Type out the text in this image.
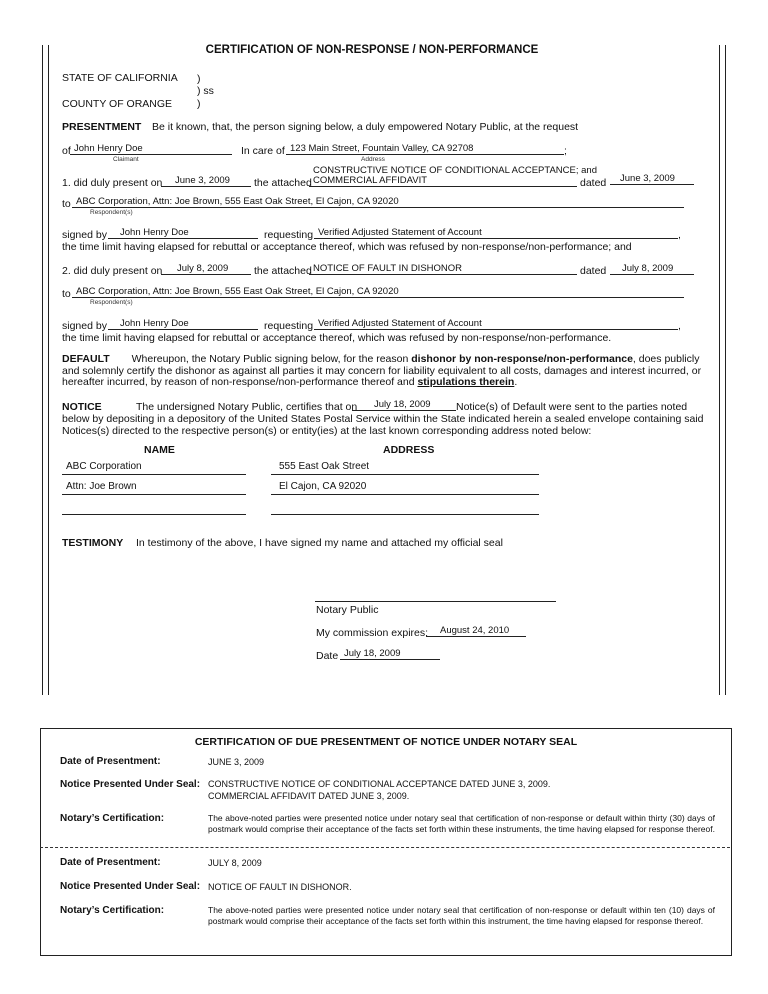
CERTIFICATION OF NON-RESPONSE / NON-PERFORMANCE
STATE OF CALIFORNIA )
) ss
COUNTY OF ORANGE )
PRESENTMENT Be it known, that, the person signing below, a duly empowered Notary Public, at the request
of John Henry Doe
Claimant
In care of 123 Main Street, Fountain Valley, CA 92708	;
Address
1. did duly present on	June 3, 2009	the attached
CONSTRUCTIVE NOTICE OF CONDITIONAL ACCEPTANCE; and
COMMERCIAL AFFIDAVIT	dated	June 3, 2009
to ABC Corporation, Attn: Joe Brown, 555 East Oak Street, El Cajon, CA 92020
Respondent(s)
signed by	John Henry Doe	requesting Verified Adjusted Statement of Account	,
the time limit having elapsed for rebuttal or acceptance thereof, which was refused by non-response/non-performance; and
2. did duly present on	July 8, 2009	the attached NOTICE OF FAULT IN DISHONOR	dated	July 8, 2009
to ABC Corporation, Attn: Joe Brown, 555 East Oak Street, El Cajon, CA 92020
Respondent(s)
signed by	John Henry Doe	requesting Verified Adjusted Statement of Account	,
the time limit having elapsed for rebuttal or acceptance thereof, which was refused by non-response/non-performance.
DEFAULT Whereupon, the Notary Public signing below, for the reason dishonor by non-response/non-performance, does publicly and solemnly certify the dishonor as against all parties it may concern for liability equivalent to all costs, damages and interest incurred, or hereafter incurred, by reason of non-response/non-performance thereof and stipulations therein.
NOTICE	The undersigned Notary Public, certifies that on	July 18, 2009	Notice(s) of Default were sent to the parties noted
below by depositing in a depository of the United States Postal Service within the State indicated herein a sealed envelope containing said
Notices(s) directed to the respective person(s) or entity(ies) at the last known corresponding address noted below:
NAME	ADDRESS
ABC Corporation	555 East Oak Street
Attn: Joe Brown	El Cajon, CA 92020
TESTIMONY In testimony of the above, I have signed my name and attached my official seal
Notary Public
My commission expires:	August 24, 2010
Date July 18, 2009
CERTIFICATION OF DUE PRESENTMENT OF NOTICE UNDER NOTARY SEAL
Date of Presentment:	JUNE 3, 2009
Notice Presented Under Seal: CONSTRUCTIVE NOTICE OF CONDITIONAL ACCEPTANCE DATED JUNE 3, 2009.
COMMERCIAL AFFIDAVIT DATED JUNE 3, 2009.
Notary’s Certification:	The above-noted parties were presented notice under notary seal that certification of non-response or default within thirty (30) days of postmark would comprise their acceptance of the facts set forth within these instruments, the time having elapsed for response thereof.
Date of Presentment:	JULY 8, 2009
Notice Presented Under Seal: NOTICE OF FAULT IN DISHONOR.
Notary’s Certification:	The above-noted parties were presented notice under notary seal that certification of non-response or default within ten (10) days of postmark would comprise their acceptance of the facts set forth within this instrument, the time having elapsed for response thereof.
